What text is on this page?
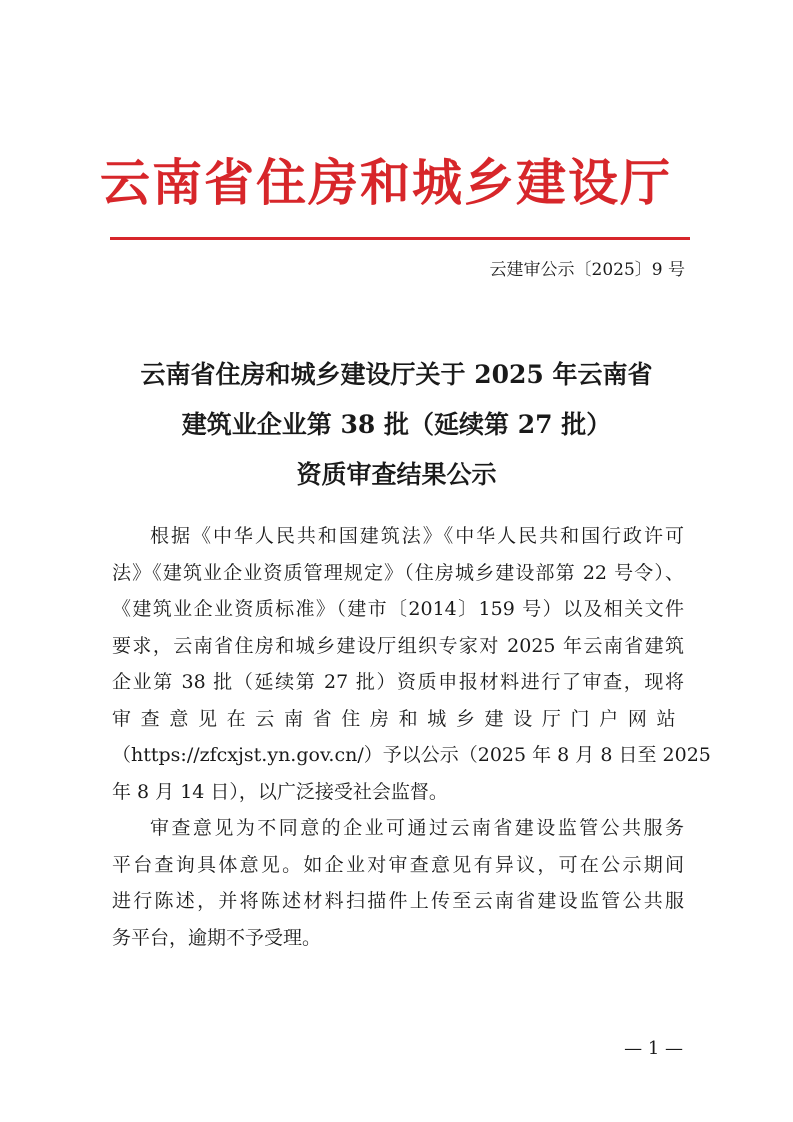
云南省住房和城乡建设厅
云建审公示〔2025〕9 号
云南省住房和城乡建设厅关于 2025 年云南省
建筑业企业第 38 批（延续第 27 批）
资质审查结果公示
根据《中华人民共和国建筑法》《中华人民共和国行政许可
法》《建筑业企业资质管理规定》（住房城乡建设部第 22 号令）、
《建筑业企业资质标准》（建市〔2014〕159 号）以及相关文件
要求，云南省住房和城乡建设厅组织专家对 2025 年云南省建筑
企业第 38 批（延续第 27 批）资质申报材料进行了审查，现将
审查意见在云南省住房和城乡建设厅门户网站
（https://zfcxjst.yn.gov.cn/）予以公示（2025 年 8 月 8 日至 2025
年 8 月 14 日），以广泛接受社会监督。
审查意见为不同意的企业可通过云南省建设监管公共服务
平台查询具体意见。如企业对审查意见有异议，可在公示期间
进行陈述，并将陈述材料扫描件上传至云南省建设监管公共服
务平台，逾期不予受理。
— 1 —
